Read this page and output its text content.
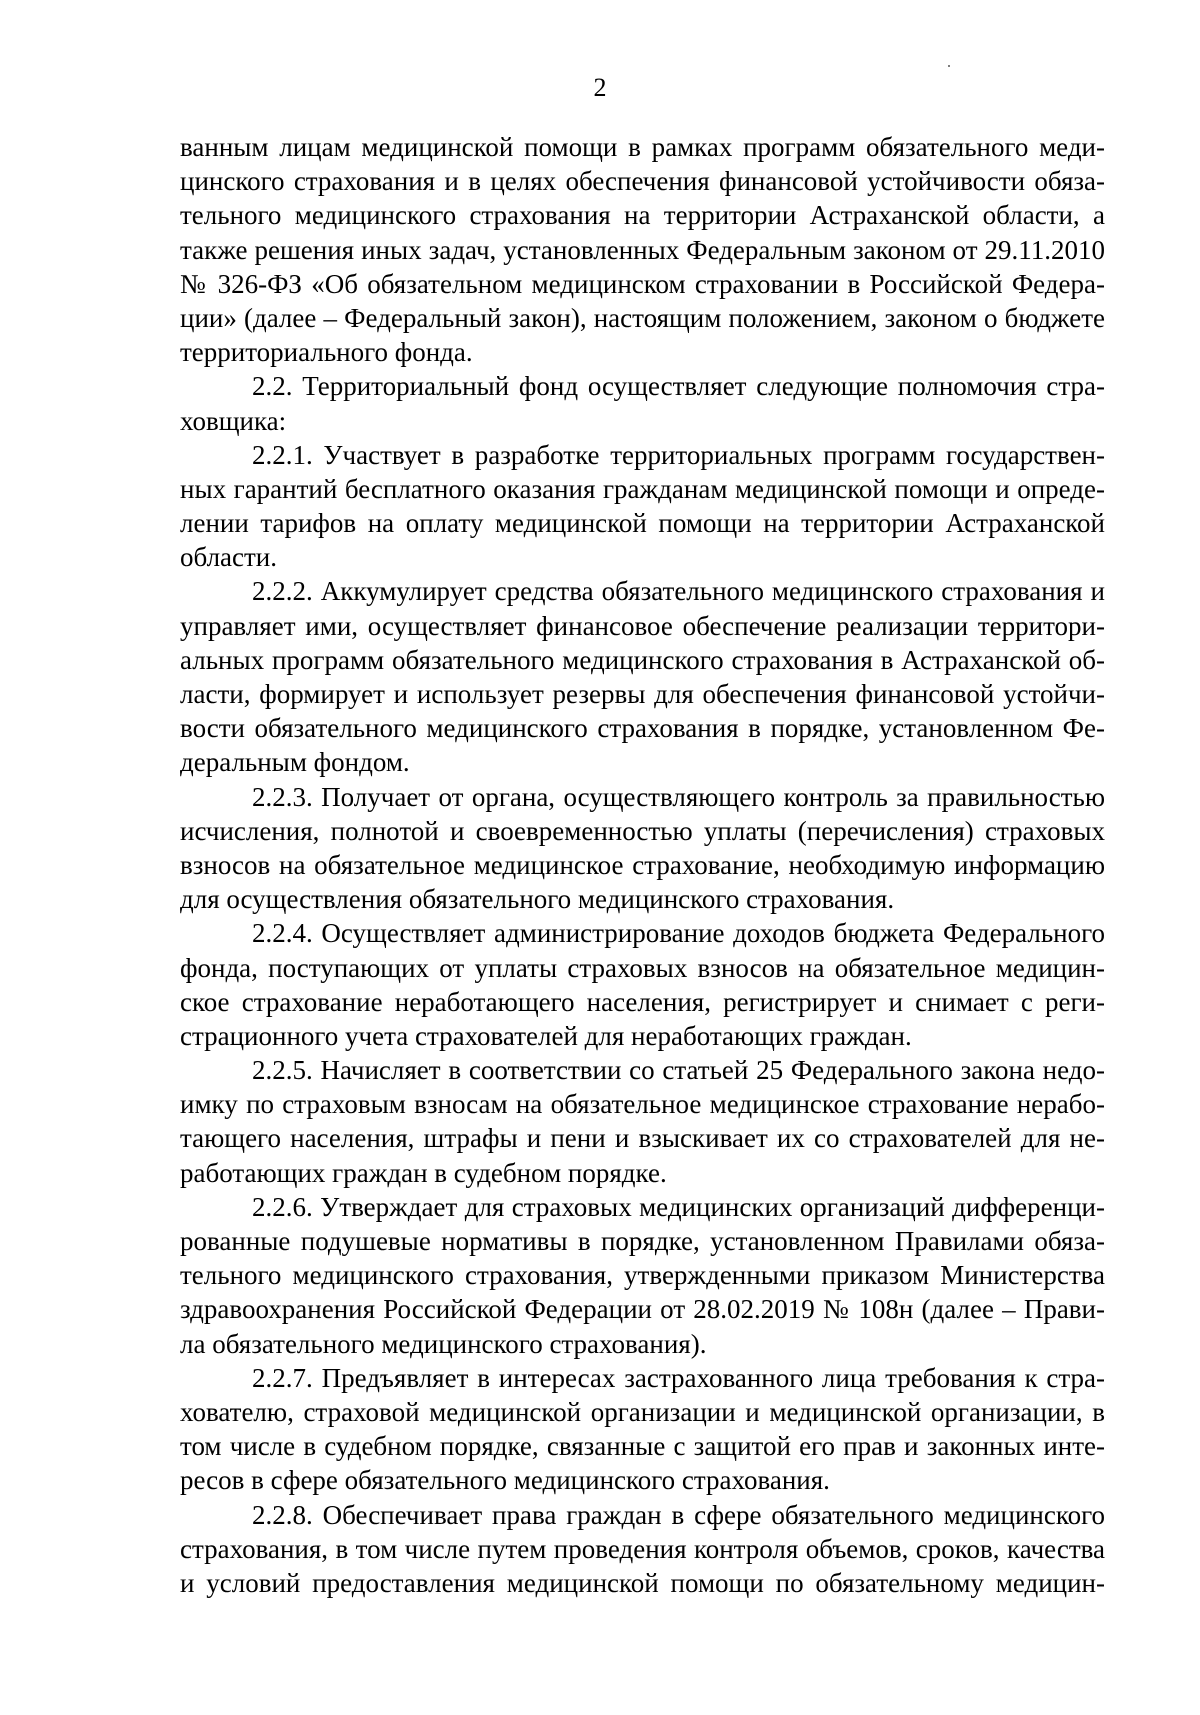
2
ванным лицам медицинской помощи в рамках программ обязательного меди-
цинского страхования и в целях обеспечения финансовой устойчивости обяза-
тельного медицинского страхования на территории Астраханской области, а
также решения иных задач, установленных Федеральным законом от 29.11.2010
№ 326-ФЗ «Об обязательном медицинском страховании в Российской Федера-
ции» (далее – Федеральный закон), настоящим положением, законом о бюджете
территориального фонда.
2.2. Территориальный фонд осуществляет следующие полномочия стра-
ховщика:
2.2.1. Участвует в разработке территориальных программ государствен-
ных гарантий бесплатного оказания гражданам медицинской помощи и опреде-
лении тарифов на оплату медицинской помощи на территории Астраханской
области.
2.2.2. Аккумулирует средства обязательного медицинского страхования и
управляет ими, осуществляет финансовое обеспечение реализации территори-
альных программ обязательного медицинского страхования в Астраханской об-
ласти, формирует и использует резервы для обеспечения финансовой устойчи-
вости обязательного медицинского страхования в порядке, установленном Фе-
деральным фондом.
2.2.3. Получает от органа, осуществляющего контроль за правильностью
исчисления, полнотой и своевременностью уплаты (перечисления) страховых
взносов на обязательное медицинское страхование, необходимую информацию
для осуществления обязательного медицинского страхования.
2.2.4. Осуществляет администрирование доходов бюджета Федерального
фонда, поступающих от уплаты страховых взносов на обязательное медицин-
ское страхование неработающего населения, регистрирует и снимает с реги-
страционного учета страхователей для неработающих граждан.
2.2.5. Начисляет в соответствии со статьей 25 Федерального закона недо-
имку по страховым взносам на обязательное медицинское страхование нерабо-
тающего населения, штрафы и пени и взыскивает их со страхователей для не-
работающих граждан в судебном порядке.
2.2.6. Утверждает для страховых медицинских организаций дифференци-
рованные подушевые нормативы в порядке, установленном Правилами обяза-
тельного медицинского страхования, утвержденными приказом Министерства
здравоохранения Российской Федерации от 28.02.2019 № 108н (далее – Прави-
ла обязательного медицинского страхования).
2.2.7. Предъявляет в интересах застрахованного лица требования к стра-
хователю, страховой медицинской организации и медицинской организации, в
том числе в судебном порядке, связанные с защитой его прав и законных инте-
ресов в сфере обязательного медицинского страхования.
2.2.8. Обеспечивает права граждан в сфере обязательного медицинского
страхования, в том числе путем проведения контроля объемов, сроков, качества
и условий предоставления медицинской помощи по обязательному медицин-
